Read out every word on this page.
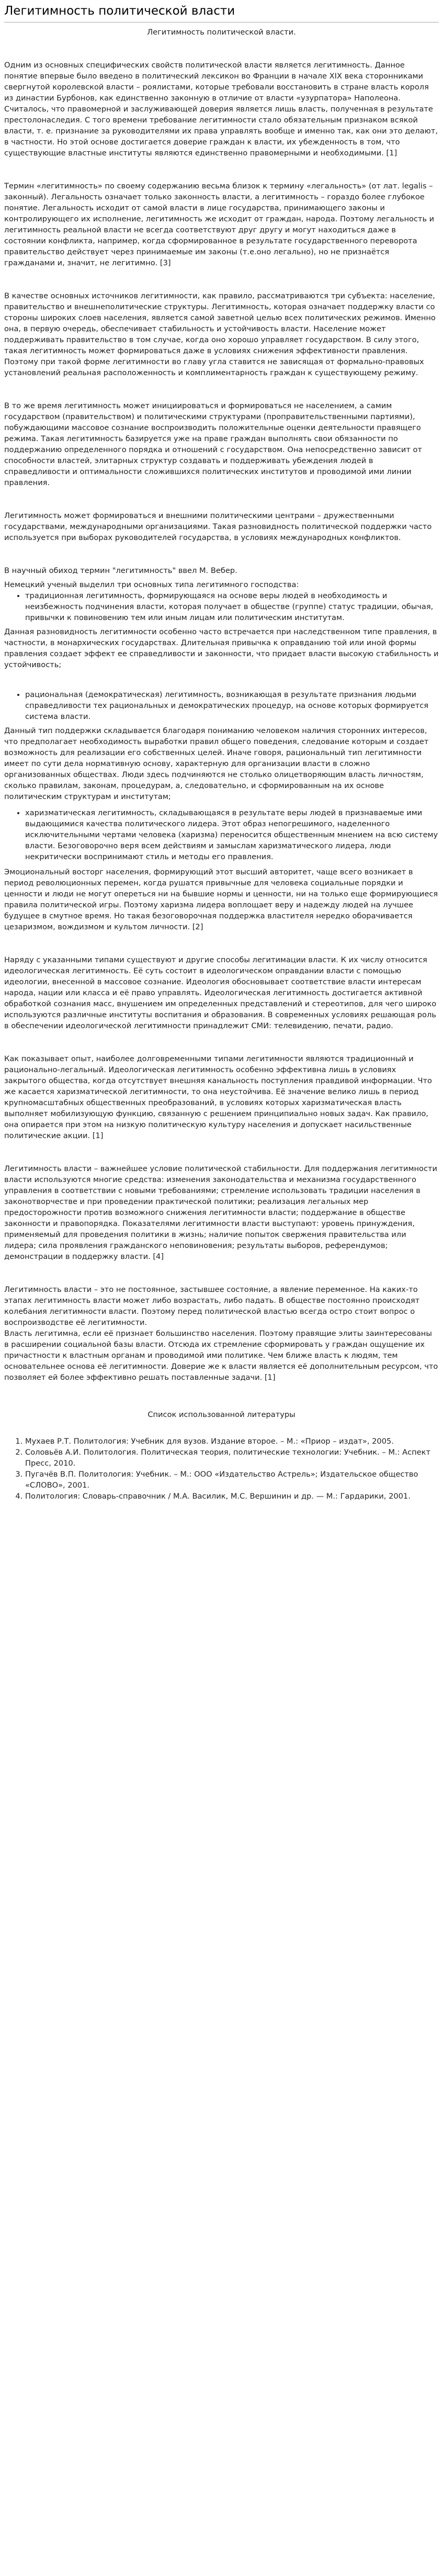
Легитимность политической власти

Легитимность политической власти.

Одним из основных специфических свойств политической власти является легитимность. Данное понятие впервые было введено в политический лексикон во Франции в начале XIX века сторонниками свергнутой королевской власти – роялистами, которые требовали восстановить в стране власть короля из династии Бурбонов, как единственно законную в отличие от власти «узурпатора» Наполеона. Считалось, что правомерной и заслуживающей доверия является лишь власть, полученная в результате престолонаследия. С того времени требование легитимности стало обязательным признаком всякой власти, т. е. признание за руководителями их права управлять вообще и именно так, как они это делают, в частности. Но этой основе достигается доверие граждан к власти, их убежденность в том, что существующие властные институты являются единственно правомерными и необходимыми. [1]

Термин «легитимность» по своему содержанию весьма близок к термину «легальность» (от лат. legalis – законный). Легальность означает только законность власти, а легитимность – гораздо более глубокое понятие. Легальность исходит от самой власти в лице государства, принимающего законы и контролирующего их исполнение, легитимность же исходит от граждан, народа. Поэтому легальность и легитимность реальной власти не всегда соответствуют друг другу и могут находиться даже в состоянии конфликта, например, когда сформированное в результате государственного переворота правительство действует через принимаемые им законы (т.е.оно легально), но не признаётся гражданами и, значит, не легитимно. [3]

В качестве основных источников легитимности, как правило, рассматриваются три субъекта: население, правительство и внешнеполитические структуры. Легитимность, которая означает поддержку власти со стороны широких слоев населения, является самой заветной целью всех политических режимов. Именно она, в первую очередь, обеспечивает стабильность и устойчивость власти. Население может поддерживать правительство в том случае, когда оно хорошо управляет государством. В силу этого, такая легитимность может формироваться даже в условиях снижения эффективности правления. Поэтому при такой форме легитимности во главу угла ставится не зависящая от формально-правовых установлений реальная расположенность и комплиментарность граждан к существующему режиму.

В то же время легитимность может инициироваться и формироваться не населением, а самим государством (правительством) и политическими структурами (проправительственными партиями), побуждающими массовое сознание воспроизводить положительные оценки деятельности правящего режима. Такая легитимность базируется уже на праве граждан выполнять свои обязанности по поддержанию определенного порядка и отношений с государством. Она непосредственно зависит от способности властей, элитарных структур создавать и поддерживать убеждения людей в справедливости и оптимальности сложившихся политических институтов и проводимой ими линии правления.

Легитимность может формироваться и внешними политическими центрами – дружественными государствами, международными организациями. Такая разновидность политической поддержки часто используется при выборах руководителей государства, в условиях международных конфликтов.

В научный обиход термин "легитимность" ввел М. Вебер.

Немецкий ученый выделил три основных типа легитимного господства:

• традиционная легитимность, формирующаяся на основе веры людей в необходимость и неизбежность подчинения власти, которая получает в обществе (группе) статус традиции, обычая, привычки к повиновению тем или иным лицам или политическим институтам.

Данная разновидность легитимности особенно часто встречается при наследственном типе правления, в частности, в монархических государствах. Длительная привычка к оправданию той или иной формы правления создает эффект ее справедливости и законности, что придает власти высокую стабильность и устойчивость;

• рациональная (демократическая) легитимность, возникающая в результате признания людьми справедливости тех рациональных и демократических процедур, на основе которых формируется система власти.

Данный тип поддержки складывается благодаря пониманию человеком наличия сторонних интересов, что предполагает необходимость выработки правил общего поведения, следование которым и создает возможность для реализации его собственных целей. Иначе говоря, рациональный тип легитимности имеет по сути дела нормативную основу, характерную для организации власти в сложно организованных обществах. Люди здесь подчиняются не столько олицетворяющим власть личностям, сколько правилам, законам, процедурам, а, следовательно, и сформированным на их основе политическим структурам и институтам;

• харизматическая легитимность, складывающаяся в результате веры людей в признаваемые ими выдающимися качества политического лидера. Этот образ непогрешимого, наделенного исключительными чертами человека (харизма) переносится общественным мнением на всю систему власти. Безоговорочно веря всем действиям и замыслам харизматического лидера, люди некритически воспринимают стиль и методы его правления.

Эмоциональный восторг населения, формирующий этот высший авторитет, чаще всего возникает в период революционных перемен, когда рушатся привычные для человека социальные порядки и ценности и люди не могут опереться ни на бывшие нормы и ценности, ни на только еще формирующиеся правила политической игры. Поэтому харизма лидера воплощает веру и надежду людей на лучшее будущее в смутное время. Но такая безоговорочная поддержка властителя нередко оборачивается цезаризмом, вождизмом и культом личности. [2]

Наряду с указанными типами существуют и другие способы легитимации власти. К их числу относится идеологическая легитимность. Её суть состоит в идеологическом оправдании власти с помощью идеологии, внесенной в массовое сознание. Идеология обосновывает соответствие власти интересам народа, нации или класса и её право управлять. Идеологическая легитимность достигается активной обработкой сознания масс, внушением им определенных представлений и стереотипов, для чего широко используются различные институты воспитания и образования. В современных условиях решающая роль в обеспечении идеологической легитимности принадлежит СМИ: телевидению, печати, радио.

Как показывает опыт, наиболее долговременными типами легитимности являются традиционный и рационально-легальный. Идеологическая легитимность особенно эффективна лишь в условиях закрытого общества, когда отсутствует внешняя канальность поступления правдивой информации. Что же касается харизматической легитимности, то она неустойчива. Её значение велико лишь в период крупномасштабных общественных преобразований, в условиях которых харизматическая власть выполняет мобилизующую функцию, связанную с решением принципиально новых задач. Как правило, она опирается при этом на низкую политическую культуру населения и допускает насильственные политические акции. [1]

Легитимность власти – важнейшее условие политической стабильности. Для поддержания легитимности власти используются многие средства: изменения законодательства и механизма государственного управления в соответствии с новыми требованиями; стремление использовать традиции населения в законотворчестве и при проведении практической политики; реализация легальных мер предосторожности против возможного снижения легитимности власти; поддержание в обществе законности и правопорядка. Показателями легитимности власти выступают: уровень принуждения, применяемый для проведения политики в жизнь; наличие попыток свержения правительства или лидера; сила проявления гражданского неповиновения; результаты выборов, референдумов; демонстрации в поддержку власти. [4]

Легитимность власти – это не постоянное, застывшее состояние, а явление переменное. На каких-то этапах легитимность власти может либо возрастать, либо падать. В обществе постоянно происходят колебания легитимности власти. Поэтому перед политической властью всегда остро стоит вопрос о воспроизводстве её легитимности.

Власть легитимна, если её признает большинство населения. Поэтому правящие элиты заинтересованы в расширении социальной базы власти. Отсюда их стремление сформировать у граждан ощущение их причастности к властным органам и проводимой ими политике. Чем ближе власть к людям, тем основательнее основа её легитимности. Доверие же к власти является её дополнительным ресурсом, что позволяет ей более эффективно решать поставленные задачи. [1]

Список использованной литературы

1. Мухаев Р.Т. Политология: Учебник для вузов. Издание второе. – М.: «Приор – издат», 2005.
2. Соловьёв А.И. Политология. Политическая теория, политические технологии: Учебник. – М.: Аспект Пресс, 2010.
3. Пугачёв В.П. Политология: Учебник. – М.: ООО «Издательство Астрель»; Издательское общество «СЛОВО», 2001.
4. Политология: Словарь-справочник / М.А. Василик, М.С. Вершинин и др. — М.: Гардарики, 2001.
